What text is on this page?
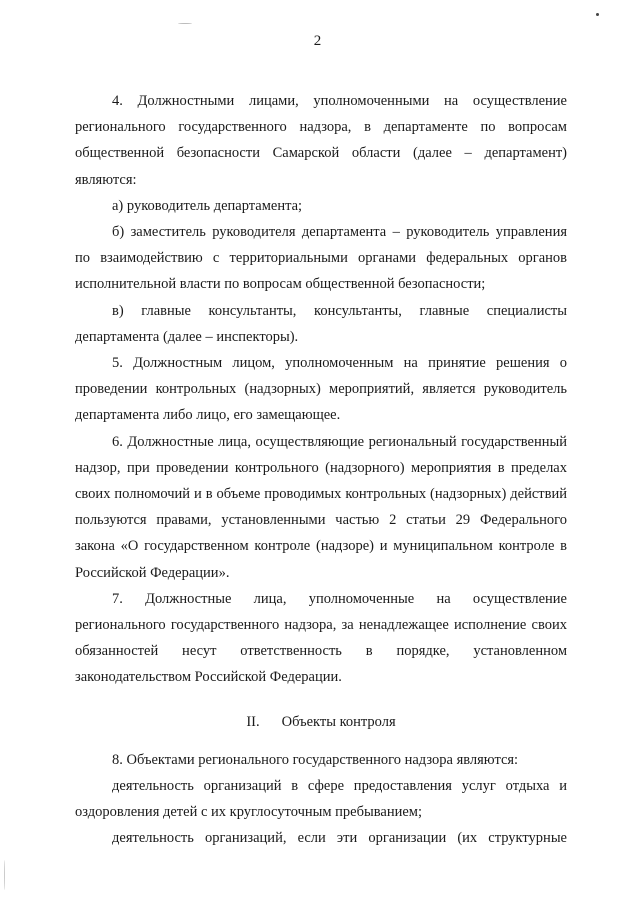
2

4. Должностными лицами, уполномоченными на осуществление регионального государственного надзора, в департаменте по вопросам общественной безопасности Самарской области (далее – департамент) являются:

а) руководитель департамента;

б) заместитель руководителя департамента – руководитель управления по взаимодействию с территориальными органами федеральных органов исполнительной власти по вопросам общественной безопасности;

в) главные консультанты, консультанты, главные специалисты департамента (далее – инспекторы).

5. Должностным лицом, уполномоченным на принятие решения о проведении контрольных (надзорных) мероприятий, является руководитель департамента либо лицо, его замещающее.

6. Должностные лица, осуществляющие региональный государственный надзор, при проведении контрольного (надзорного) мероприятия в пределах своих полномочий и в объеме проводимых контрольных (надзорных) действий пользуются правами, установленными частью 2 статьи 29 Федерального закона «О государственном контроле (надзоре) и муниципальном контроле в Российской Федерации».

7. Должностные лица, уполномоченные на осуществление регионального государственного надзора, за ненадлежащее исполнение своих обязанностей несут ответственность в порядке, установленном законодательством Российской Федерации.

II. Объекты контроля

8. Объектами регионального государственного надзора являются:

деятельность организаций в сфере предоставления услуг отдыха и оздоровления детей с их круглосуточным пребыванием;

деятельность организаций, если эти организации (их структурные
